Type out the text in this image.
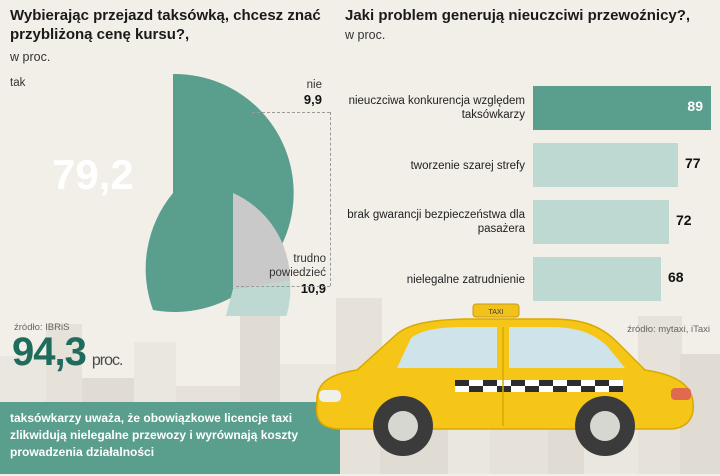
Wybierając przejazd taksówką, chcesz znać przybliżoną cenę kursu?,
w proc.
79,2
tak	nie
9,9
trudno powiedzieć
10,9
źródło: IBRiS
94,3 proc.
taksówkarzy uważa, że obowiązkowe licencje taxi zlikwidują nielegalne przewozy i wyrównają koszty prowadzenia działalności
Jaki problem generują nieuczciwi przewoźnicy?,
w proc.
nieuczciwa konkurencja względem taksówkarzy
89
tworzenie szarej strefy	77
brak gwarancji bezpieczeństwa dla pasażera
72
nielegalne zatrudnienie	68
źródło: mytaxi, iTaxi
TAXI
